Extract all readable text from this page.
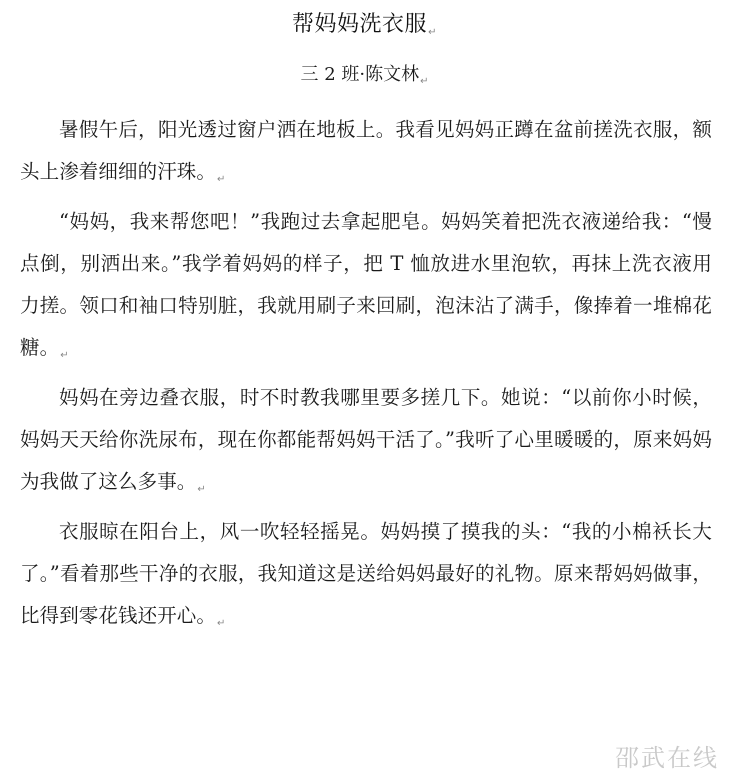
帮妈妈洗衣服↵
三 2 班·陈文林$_↵$

暑假午后，阳光透过窗户洒在地板上。我看见妈妈正蹲在盆前搓洗衣服，额头上渗着细细的汗珠。$_↵$

“妈妈，我来帮您吧！”我跑过去拿起肥皂。妈妈笑着把洗衣液递给我：“慢点倒，别洒出来。”我学着妈妈的样子，把 T 恤放进水里泡软，再抹上洗衣液用力搓。领口和袖口特别脏，我就用刷子来回刷，泡沫沾了满手，像捧着一堆棉花糖。$_↵$

妈妈在旁边叠衣服，时不时教我哪里要多搓几下。她说：“以前你小时候，妈妈天天给你洗尿布，现在你都能帮妈妈干活了。”我听了心里暖暖的，原来妈妈为我做了这么多事。$_↵$

衣服晾在阳台上，风一吹轻轻摇晃。妈妈摸了摸我的头：“我的小棉袄长大了。”看着那些干净的衣服，我知道这是送给妈妈最好的礼物。原来帮妈妈做事，比得到零花钱还开心。$_↵$

邵武在线
